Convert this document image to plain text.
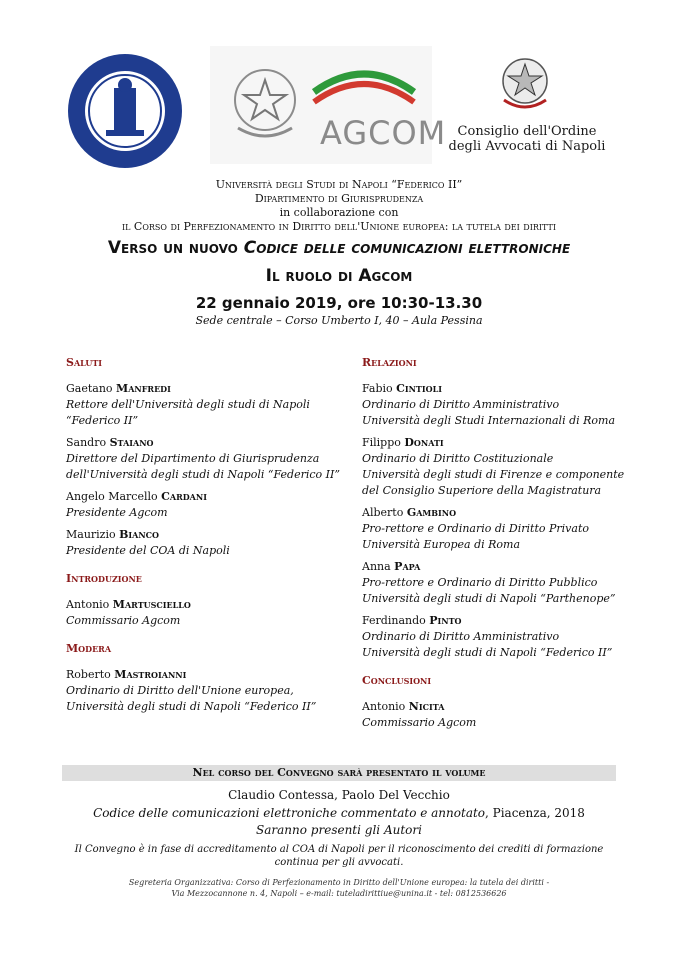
AGCOM Consiglio dell'Ordine
degli Avvocati di Napoli
Università degli Studi di Napoli “Federico II”
Dipartimento di Giurisprudenza
in collaborazione con
il Corso di Perfezionamento in Diritto dell'Unione europea: la tutela dei diritti
Verso un nuovo Codice delle comunicazioni elettroniche
Il ruolo di Agcom
22 gennaio 2019, ore 10:30-13.30
Sede centrale – Corso Umberto I, 40 – Aula Pessina
Saluti
Gaetano Manfredi
Rettore dell'Università degli studi di Napoli
“Federico II”
Sandro Staiano
Direttore del Dipartimento di Giurisprudenza
dell'Università degli studi di Napoli “Federico II”
Angelo Marcello Cardani
Presidente Agcom
Maurizio Bianco
Presidente del COA di Napoli
Introduzione
Antonio Martusciello
Commissario Agcom
Modera
Roberto Mastroianni
Ordinario di Diritto dell'Unione europea,
Università degli studi di Napoli “Federico II”
Relazioni
Fabio Cintioli
Ordinario di Diritto Amministrativo
Università degli Studi Internazionali di Roma
Filippo Donati
Ordinario di Diritto Costituzionale
Università degli studi di Firenze e componente
del Consiglio Superiore della Magistratura
Alberto Gambino
Pro-rettore e Ordinario di Diritto Privato
Università Europea di Roma
Anna Papa
Pro-rettore e Ordinario di Diritto Pubblico
Università degli studi di Napoli “Parthenope”
Ferdinando Pinto
Ordinario di Diritto Amministrativo
Università degli studi di Napoli “Federico II”
Conclusioni
Antonio Nicita
Commissario Agcom
Nel corso del Convegno sarà presentato il volume
Claudio Contessa, Paolo Del Vecchio
Codice delle comunicazioni elettroniche commentato e annotato, Piacenza, 2018
Saranno presenti gli Autori
Il Convegno è in fase di accreditamento al COA di Napoli per il riconoscimento dei crediti di formazione continua per gli avvocati.
Segreteria Organizzativa: Corso di Perfezionamento in Diritto dell'Unione europea: la tutela dei diritti -
Via Mezzocannone n. 4, Napoli – e-mail: tuteladirittiue@unina.it - tel: 0812536626
